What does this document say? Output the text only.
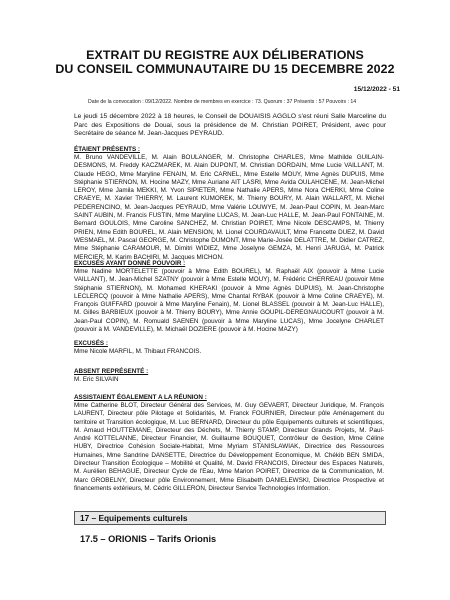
EXTRAIT DU REGISTRE AUX DÉLIBERATIONS
DU CONSEIL COMMUNAUTAIRE DU 15 DECEMBRE 2022
15/12/2022 - 51
Date de la convocation : 09/12/2022. Nombre de membres en exercice : 73. Quorum : 37 Présents : 57 Pouvoirs : 14
Le jeudi 15 décembre 2022 à 18 heures, le Conseil de DOUAISIS AGGLO s'est réuni Salle Marceline du Parc des Expositions de Douai, sous la présidence de M. Christian POIRET, Président, avec pour Secrétaire de séance M. Jean-Jacques PEYRAUD.
ÉTAIENT PRÉSENTS :
M. Bruno VANDEVILLE, M. Alain BOULANGER, M. Christophe CHARLES, Mme Mathilde GUILAIN-DESMONS, M. Freddy KACZMAREK, M. Alain DUPONT, M. Christian DORDAIN, Mme Lucie VAILLANT, M. Claude HEGO, Mme Maryline FENAIN, M. Eric CARNEL, Mme Estelle MOUY, Mme Agnès DUPUIS, Mme Stéphanie STIERNON, M. Hocine MAZY, Mme Auriane AIT LASRI, Mme Avida OULAHCENE, M. Jean-Michel LEROY, Mme Jamila MEKKI, M. Yvon SIPIETER, Mme Nathalie APERS, Mme Nora CHERKI, Mme Coline CRAEYE, M. Xavier THIERRY, M. Laurent KUMOREK, M. Thierry BOURY, M. Alain WALLART, M. Michel PEDERENCINO, M. Jean-Jacques PEYRAUD, Mme Valérie LOUWYE, M. Jean-Paul COPIN, M. Jean-Marc SAINT AUBIN, M. Francis FUSTIN, Mme Maryline LUCAS, M. Jean-Luc HALLE, M. Jean-Paul FONTAINE, M. Bernard GOULOIS, Mme Caroline SANCHEZ, M. Christian POIRET, Mme Nicole DESCAMPS, M. Thierry PRIEN, Mme Edith BOUREL, M. Alain MENSION, M. Lionel COURDAVAULT, Mme Francette DUEZ, M. David WESMAEL, M. Pascal GEORGE, M. Christophe DUMONT, Mme Marie-Josée DELATTRE, M. Didier CATREZ, Mme Stéphanie CARAMOUR, M. Dimitri WIDIEZ, Mme Joselyne GEMZA, M. Henri JARUGA, M. Patrick MERCIER, M. Karim BACHIRI, M. Jacques MICHON.
EXCUSÉS AYANT DONNÉ POUVOIR :
Mme Nadine MORTELETTE (pouvoir à Mme Edith BOUREL), M. Raphaël AIX (pouvoir à Mme Lucie VAILLANT), M. Jean-Michel SZATNY (pouvoir à Mme Estelle MOUY), M. Frédéric CHERREAU (pouvoir Mme Stéphanie STIERNON), M. Mohamed KHERAKI (pouvoir à Mme Agnès DUPUIS), M. Jean-Christophe LECLERCQ (pouvoir à Mme Nathalie APERS), Mme Chantal RYBAK (pouvoir à Mme Coline CRAEYE), M. François GUIFFARD (pouvoir à Mme Maryline Fenain), M. Lionel BLASSEL (pouvoir à M. Jean-Luc HALLE), M. Gilles BARBIEUX (pouvoir à M. Thierry BOURY), Mme Annie GOUPIL-DEREGNAUCOURT (pouvoir à M. Jean-Paul COPIN), M. Romuald SAENEN (pouvoir à Mme Maryline LUCAS), Mme Jocelyne CHARLET (pouvoir à M. VANDEVILLE), M. Michaël DOZIERE (pouvoir à M. Hocine MAZY)
EXCUSÉS :
Mme Nicole MARFIL, M. Thibaut FRANCOIS.
ABSENT REPRÉSENTÉ :
M. Eric SILVAIN
ASSISTAIENT ÉGALEMENT A LA RÉUNION :
Mme Catherine BLOT, Directeur Général des Services, M. Guy GEVAERT, Directeur Juridique, M. François LAURENT, Directeur pôle Pilotage et Solidarités, M. Franck FOURNIER, Directeur pôle Aménagement du territoire et Transition écologique, M. Luc BERNARD, Directeur du pôle Equipements culturels et scientifiques, M. Arnaud HOUTTEMANE, Directeur des Déchets, M. Thierry STAMP, Directeur Grands Projets, M. Paul-André KOTTELANNE, Directeur Financier, M. Guillaume BOUQUET, Contrôleur de Gestion, Mme Céline HUBY, Directrice Cohésion Sociale-Habitat, Mme Myriam STANISLAWIAK, Directrice des Ressources Humaines, Mme Sandrine DANSETTE, Directrice du Développement Economique, M. Chékib BEN SMIDA, Directeur Transition Écologique – Mobilité et Qualité, M. David FRANCOIS, Directeur des Espaces Naturels, M. Aurélien BEHAGUE, Directeur Cycle de l'Eau, Mme Marion POIRET, Directrice de la Communication, M. Marc GROBELNY, Directeur pôle Environnement, Mme Elisabeth DANIELEWSKI, Directrice Prospective et financements extérieurs, M. Cédric GILLERON, Directeur Service Technologies Information.
17 – Equipements culturels
17.5 – ORIONIS – Tarifs Orionis
